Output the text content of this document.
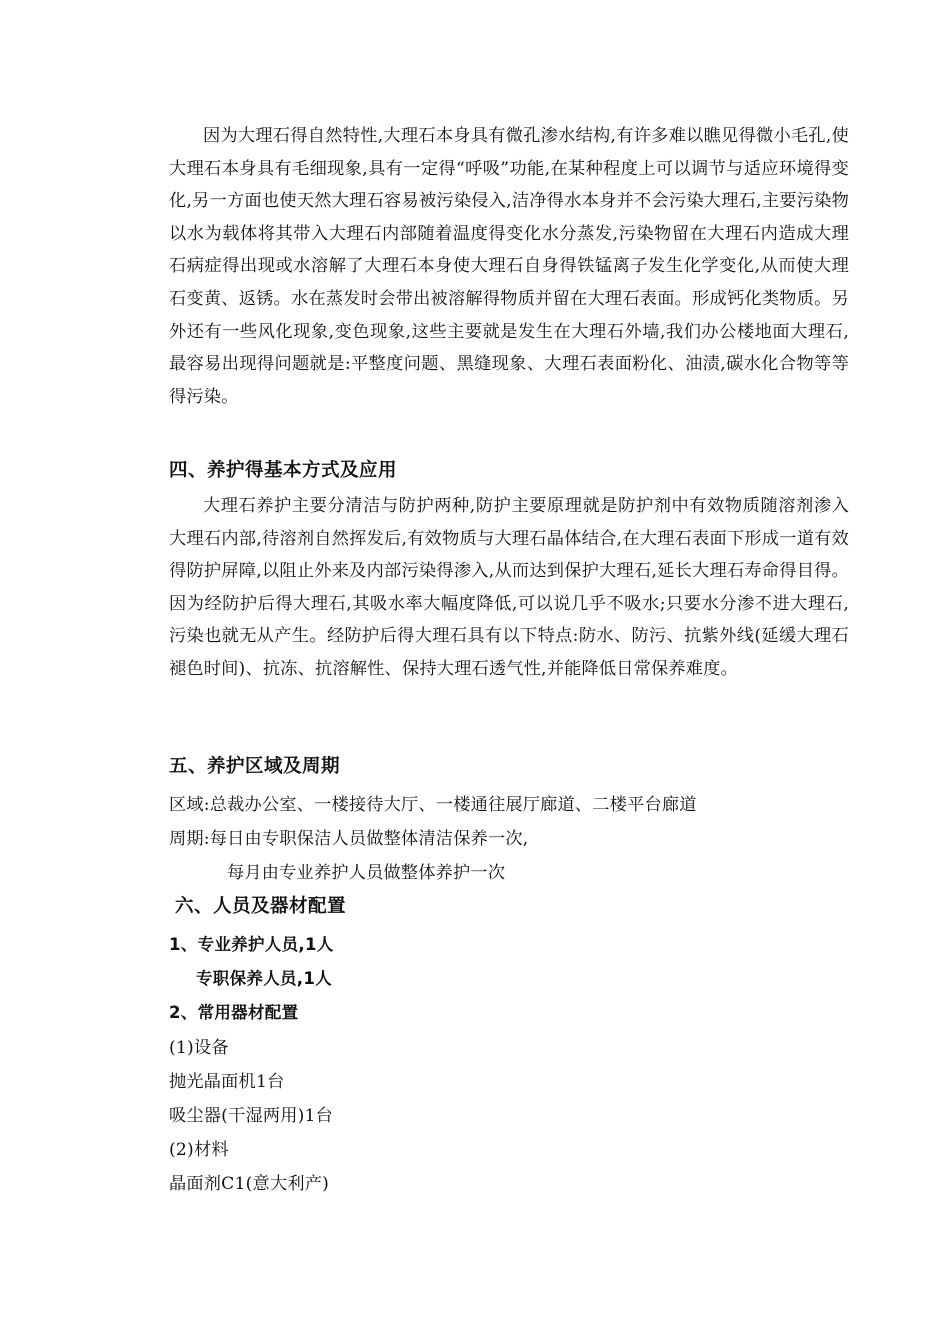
因为大理石得自然特性,大理石本身具有微孔渗水结构,有许多难以瞧见得微小毛孔,使大理石本身具有毛细现象,具有一定得“呼吸”功能,在某种程度上可以调节与适应环境得变化,另一方面也使天然大理石容易被污染侵入,洁净得水本身并不会污染大理石,主要污染物以水为载体将其带入大理石内部随着温度得变化水分蒸发,污染物留在大理石内造成大理石病症得出现或水溶解了大理石本身使大理石自身得铁锰离子发生化学变化,从而使大理石变黄、返锈。水在蒸发时会带出被溶解得物质并留在大理石表面。形成钙化类物质。另外还有一些风化现象,变色现象,这些主要就是发生在大理石外墙,我们办公楼地面大理石,最容易出现得问题就是:平整度问题、黑缝现象、大理石表面粉化、油渍,碳水化合物等等得污染。

四、养护得基本方式及应用

大理石养护主要分清洁与防护两种,防护主要原理就是防护剂中有效物质随溶剂渗入大理石内部,待溶剂自然挥发后,有效物质与大理石晶体结合,在大理石表面下形成一道有效得防护屏障,以阻止外来及内部污染得渗入,从而达到保护大理石,延长大理石寿命得目得。因为经防护后得大理石,其吸水率大幅度降低,可以说几乎不吸水;只要水分渗不进大理石,污染也就无从产生。经防护后得大理石具有以下特点:防水、防污、抗紫外线(延缓大理石褪色时间)、抗冻、抗溶解性、保持大理石透气性,并能降低日常保养难度。

五、养护区域及周期

区域:总裁办公室、一楼接待大厅、一楼通往展厅廊道、二楼平台廊道

周期:每日由专职保洁人员做整体清洁保养一次,

每月由专业养护人员做整体养护一次

六、人员及器材配置

1、专业养护人员,1人

专职保养人员,1人

2、常用器材配置

(1)设备

抛光晶面机1台

吸尘器(干湿两用)1台

(2)材料

晶面剂C1(意大利产)
